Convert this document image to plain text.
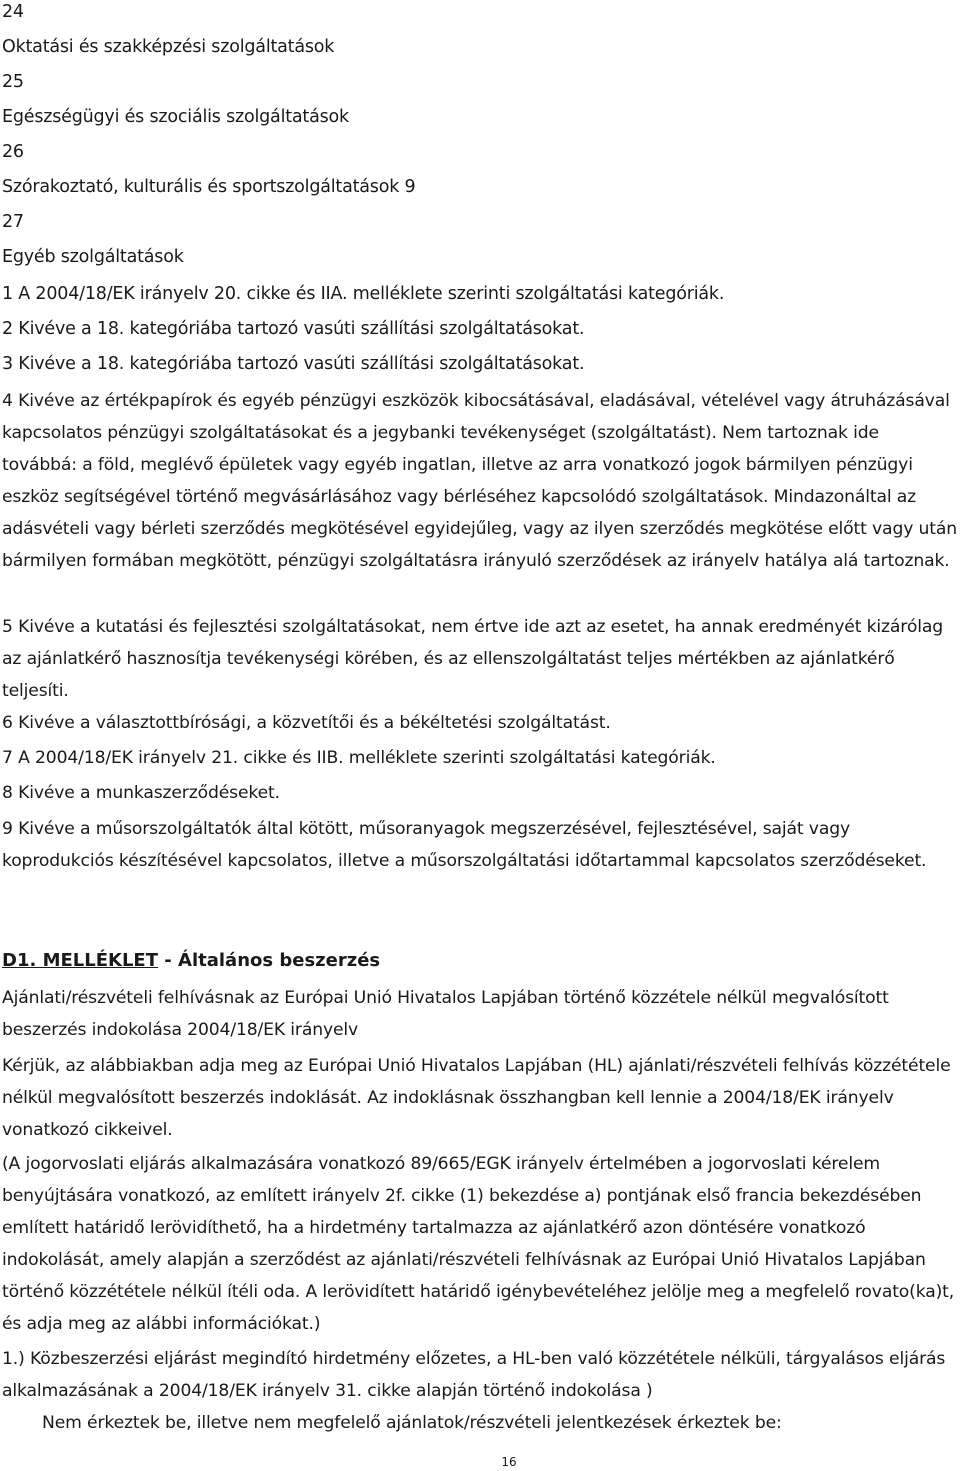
24
Oktatási és szakképzési szolgáltatások
25
Egészségügyi és szociális szolgáltatások
26
Szórakoztató, kulturális és sportszolgáltatások 9
27
Egyéb szolgáltatások
1 A 2004/18/EK irányelv 20. cikke és IIA. melléklete szerinti szolgáltatási kategóriák.
2 Kivéve a 18. kategóriába tartozó vasúti szállítási szolgáltatásokat.
3 Kivéve a 18. kategóriába tartozó vasúti szállítási szolgáltatásokat.
4 Kivéve az értékpapírok és egyéb pénzügyi eszközök kibocsátásával, eladásával, vételével vagy átruházásával kapcsolatos pénzügyi szolgáltatásokat és a jegybanki tevékenységet (szolgáltatást). Nem tartoznak ide továbbá: a föld, meglévő épületek vagy egyéb ingatlan, illetve az arra vonatkozó jogok bármilyen pénzügyi eszköz segítségével történő megvásárlásához vagy bérléséhez kapcsolódó szolgáltatások. Mindazonáltal az adásvételi vagy bérleti szerződés megkötésével egyidejűleg, vagy az ilyen szerződés megkötése előtt vagy után bármilyen formában megkötött, pénzügyi szolgáltatásra irányuló szerződések az irányelv hatálya alá tartoznak.
5 Kivéve a kutatási és fejlesztési szolgáltatásokat, nem értve ide azt az esetet, ha annak eredményét kizárólag az ajánlatkérő hasznosítja tevékenységi körében, és az ellenszolgáltatást teljes mértékben az ajánlatkérő teljesíti.
6 Kivéve a választottbírósági, a közvetítői és a békéltetési szolgáltatást.
7 A 2004/18/EK irányelv 21. cikke és IIB. melléklete szerinti szolgáltatási kategóriák.
8 Kivéve a munkaszerződéseket.
9 Kivéve a műsorszolgáltatók által kötött, műsoranyagok megszerzésével, fejlesztésével, saját vagy koprodukciós készítésével kapcsolatos, illetve a műsorszolgáltatási időtartammal kapcsolatos szerződéseket.
D1. MELLÉKLET - Általános beszerzés
Ajánlati/részvételi felhívásnak az Európai Unió Hivatalos Lapjában történő közzétele nélkül megvalósított beszerzés indokolása 2004/18/EK irányelv
Kérjük, az alábbiakban adja meg az Európai Unió Hivatalos Lapjában (HL) ajánlati/részvételi felhívás közzététele nélkül megvalósított beszerzés indoklását. Az indoklásnak összhangban kell lennie a 2004/18/EK irányelv vonatkozó cikkeivel.
(A jogorvoslati eljárás alkalmazására vonatkozó 89/665/EGK irányelv értelmében a jogorvoslati kérelem benyújtására vonatkozó, az említett irányelv 2f. cikke (1) bekezdése a) pontjának első francia bekezdésében említett határidő lerövidíthető, ha a hirdetmény tartalmazza az ajánlatkérő azon döntésére vonatkozó indokolását, amely alapján a szerződést az ajánlati/részvételi felhívásnak az Európai Unió Hivatalos Lapjában történő közzététele nélkül ítéli oda. A lerövidített határidő igénybevételéhez jelölje meg a megfelelő rovato(ka)t, és adja meg az alábbi információkat.)
1.) Közbeszerzési eljárást megindító hirdetmény előzetes, a HL-ben való közzététele nélküli, tárgyalásos eljárás alkalmazásának a 2004/18/EK irányelv 31. cikke alapján történő indokolása )
Nem érkeztek be, illetve nem megfelelő ajánlatok/részvételi jelentkezések érkeztek be:
16
